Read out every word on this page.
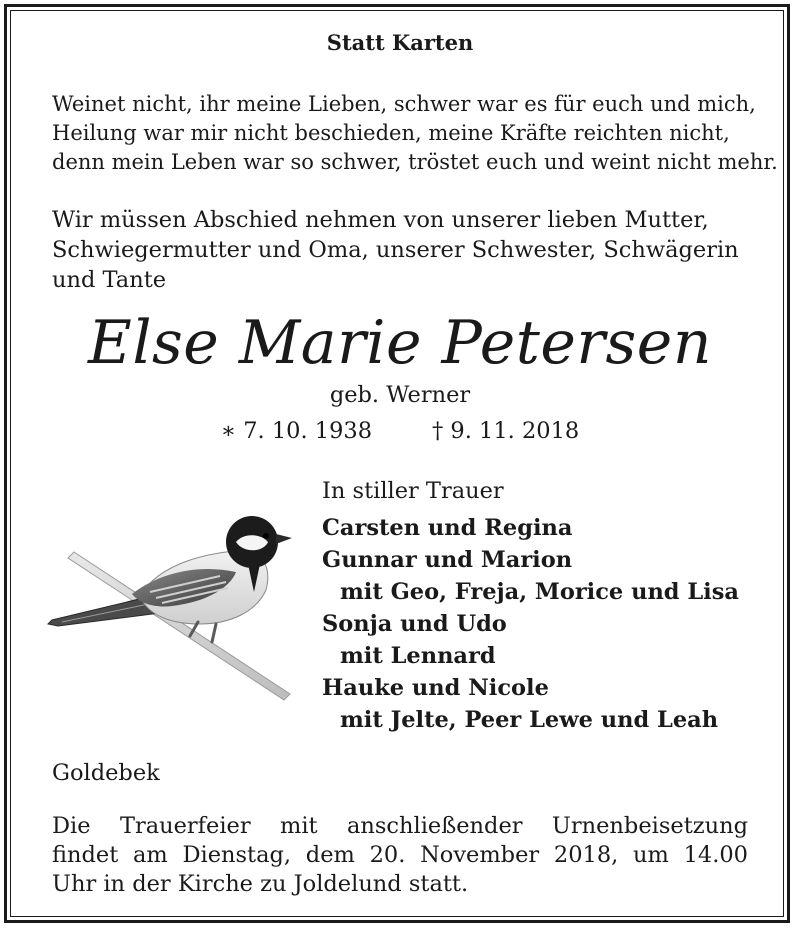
Statt Karten
Weinet nicht, ihr meine Lieben, schwer war es für euch und mich,
Heilung war mir nicht beschieden, meine Kräfte reichten nicht,
denn mein Leben war so schwer, tröstet euch und weint nicht mehr.
Wir müssen Abschied nehmen von unserer lieben Mutter,
Schwiegermutter und Oma, unserer Schwester, Schwägerin
und Tante
Else Marie Petersen
geb. Werner
∗ 7. 10. 1938	† 9. 11. 2018
In stiller Trauer
Carsten und Regina
Gunnar und Marion
mit Geo, Freja, Morice und Lisa
Sonja und Udo
mit Lennard
Hauke und Nicole
mit Jelte, Peer Lewe und Leah
Goldebek
Die Trauerfeier mit anschließender Urnenbeisetzung
findet am Dienstag, dem 20. November 2018, um 14.00
Uhr in der Kirche zu Joldelund statt.
